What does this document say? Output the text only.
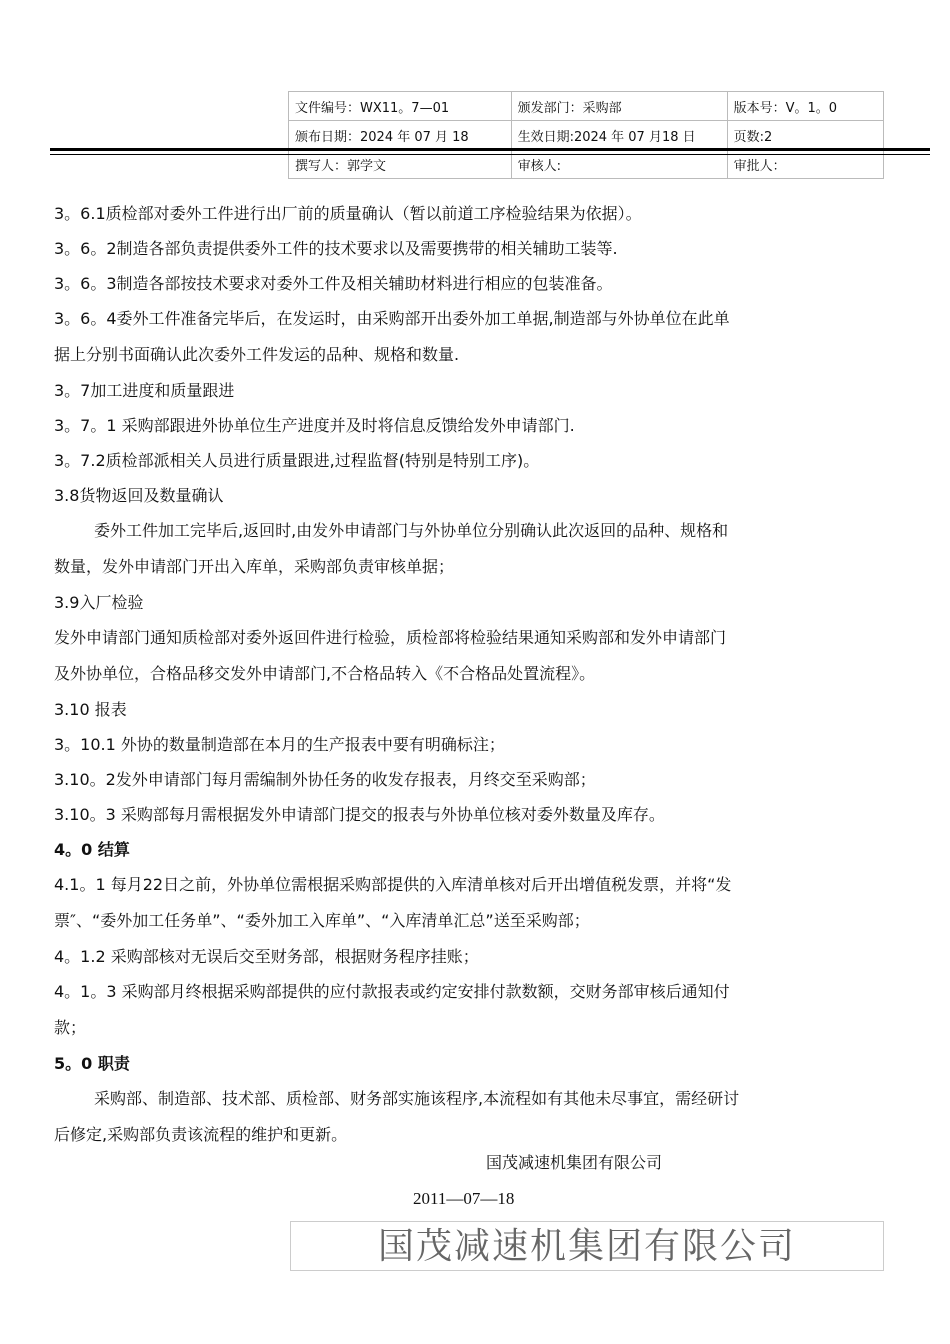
文件编号：WX11。7—01	颁发部门：采购部	版本号：V。1。0
颁布日期：2024 年 07 月 18	生效日期:2024 年 07 月18 日	页数:2
撰写人：郭学文	审核人:	审批人：
3。6.1质检部对委外工件进行出厂前的质量确认（暂以前道工序检验结果为依据）。
3。6。2制造各部负责提供委外工件的技术要求以及需要携带的相关辅助工装等.
3。6。3制造各部按技术要求对委外工件及相关辅助材料进行相应的包装准备。
3。6。4委外工件准备完毕后，在发运时，由采购部开出委外加工单据,制造部与外协单位在此单
据上分别书面确认此次委外工件发运的品种、规格和数量.
3。7加工进度和质量跟进
3。7。1 采购部跟进外协单位生产进度并及时将信息反馈给发外申请部门.
3。7.2质检部派相关人员进行质量跟进,过程监督(特别是特别工序)。
3.8货物返回及数量确认
委外工件加工完毕后,返回时,由发外申请部门与外协单位分别确认此次返回的品种、规格和
数量，发外申请部门开出入库单，采购部负责审核单据；
3.9入厂检验
发外申请部门通知质检部对委外返回件进行检验，质检部将检验结果通知采购部和发外申请部门
及外协单位，合格品移交发外申请部门,不合格品转入《不合格品处置流程》。
3.10 报表
3。10.1 外协的数量制造部在本月的生产报表中要有明确标注；
3.10。2发外申请部门每月需编制外协任务的收发存报表，月终交至采购部；
3.10。3 采购部每月需根据发外申请部门提交的报表与外协单位核对委外数量及库存。
4。0 结算
4.1。1 每月22日之前，外协单位需根据采购部提供的入库清单核对后开出增值税发票，并将“发
票″、“委外加工任务单”、“委外加工入库单”、“入库清单汇总”送至采购部；
4。1.2 采购部核对无误后交至财务部，根据财务程序挂账；
4。1。3 采购部月终根据采购部提供的应付款报表或约定安排付款数额，交财务部审核后通知付
款；
5。0 职责
采购部、制造部、技术部、质检部、财务部实施该程序,本流程如有其他未尽事宜，需经研讨
后修定,采购部负责该流程的维护和更新。
国茂减速机集团有限公司
2011—07—18
国茂减速机集团有限公司
